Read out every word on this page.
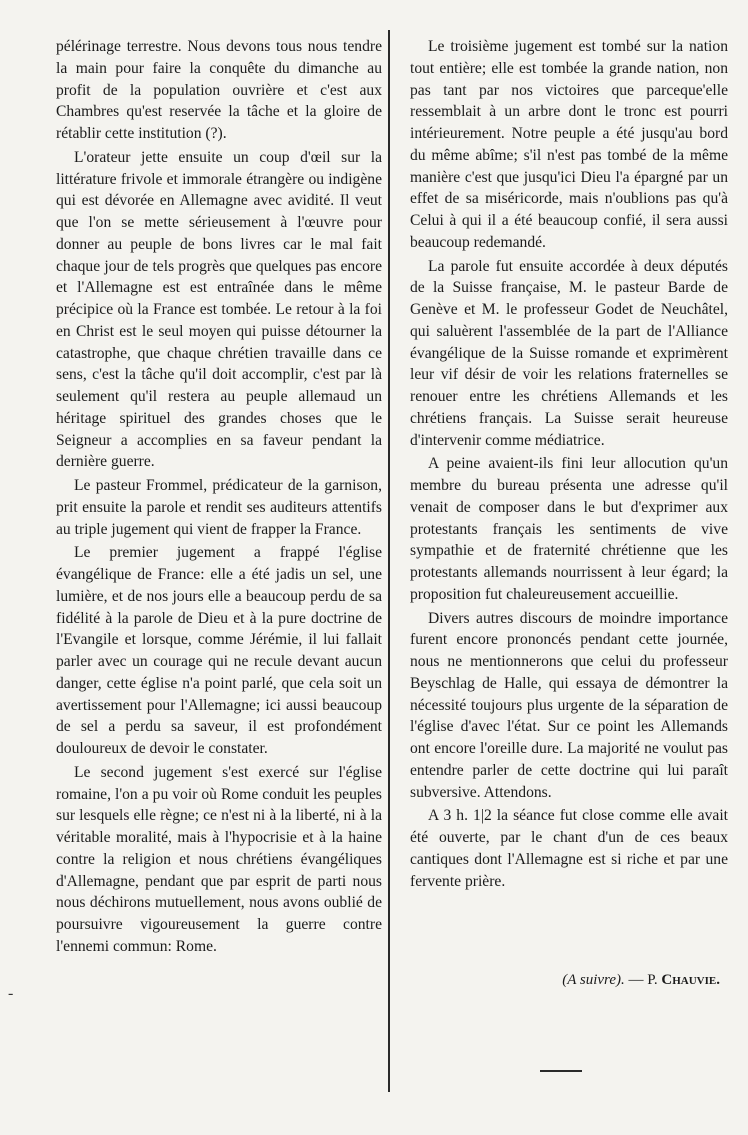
pélérinage terrestre. Nous devons tous nous tendre la main pour faire la conquête du dimanche au profit de la population ouvrière et c'est aux Chambres qu'est reservée la tâche et la gloire de rétablir cette institution (?).

L'orateur jette ensuite un coup d'œil sur la littérature frivole et immorale étrangère ou indigène qui est dévorée en Allemagne avec avidité. Il veut que l'on se mette sérieusement à l'œuvre pour donner au peuple de bons livres car le mal fait chaque jour de tels progrès que quelques pas encore et l'Allemagne est est entraînée dans le même précipice où la France est tombée. Le retour à la foi en Christ est le seul moyen qui puisse détourner la catastrophe, que chaque chrétien travaille dans ce sens, c'est la tâche qu'il doit accomplir, c'est par là seulement qu'il restera au peuple allemaud un héritage spirituel des grandes choses que le Seigneur a accomplies en sa faveur pendant la dernière guerre.

Le pasteur Frommel, prédicateur de la garnison, prit ensuite la parole et rendit ses auditeurs attentifs au triple jugement qui vient de frapper la France.

Le premier jugement a frappé l'église évangélique de France: elle a été jadis un sel, une lumière, et de nos jours elle a beaucoup perdu de sa fidélité à la parole de Dieu et à la pure doctrine de l'Evangile et lorsque, comme Jérémie, il lui fallait parler avec un courage qui ne recule devant aucun danger, cette église n'a point parlé, que cela soit un avertissement pour l'Allemagne; ici aussi beaucoup de sel a perdu sa saveur, il est profondément douloureux de devoir le constater.

Le second jugement s'est exercé sur l'église romaine, l'on a pu voir où Rome conduit les peuples sur lesquels elle règne; ce n'est ni à la liberté, ni à la véritable moralité, mais à l'hypocrisie et à la haine contre la religion et nous chrétiens évangéliques d'Allemagne, pendant que par esprit de parti nous nous déchirons mutuellement, nous avons oublié de poursuivre vigoureusement la guerre contre l'ennemi commun: Rome.

Le troisième jugement est tombé sur la nation tout entière; elle est tombée la grande nation, non pas tant par nos victoires que parceque'elle ressemblait à un arbre dont le tronc est pourri intérieurement. Notre peuple a été jusqu'au bord du même abîme; s'il n'est pas tombé de la même manière c'est que jusqu'ici Dieu l'a épargné par un effet de sa miséricorde, mais n'oublions pas qu'à Celui à qui il a été beaucoup confié, il sera aussi beaucoup redemandé.

La parole fut ensuite accordée à deux députés de la Suisse française, M. le pasteur Barde de Genève et M. le professeur Godet de Neuchâtel, qui saluèrent l'assemblée de la part de l'Alliance évangélique de la Suisse romande et exprimèrent leur vif désir de voir les relations fraternelles se renouer entre les chrétiens Allemands et les chrétiens français. La Suisse serait heureuse d'intervenir comme médiatrice.

A peine avaient-ils fini leur allocution qu'un membre du bureau présenta une adresse qu'il venait de composer dans le but d'exprimer aux protestants français les sentiments de vive sympathie et de fraternité chrétienne que les protestants allemands nourrissent à leur égard; la proposition fut chaleureusement accueillie.

Divers autres discours de moindre importance furent encore prononcés pendant cette journée, nous ne mentionnerons que celui du professeur Beyschlag de Halle, qui essaya de démontrer la nécessité toujours plus urgente de la séparation de l'église d'avec l'état. Sur ce point les Allemands ont encore l'oreille dure. La majorité ne voulut pas entendre parler de cette doctrine qui lui paraît subversive. Attendons.

A 3 h. 1|2 la séance fut close comme elle avait été ouverte, par le chant d'un de ces beaux cantiques dont l'Allemagne est si riche et par une fervente prière.

(A suivre). — P. Chauvie.
-
